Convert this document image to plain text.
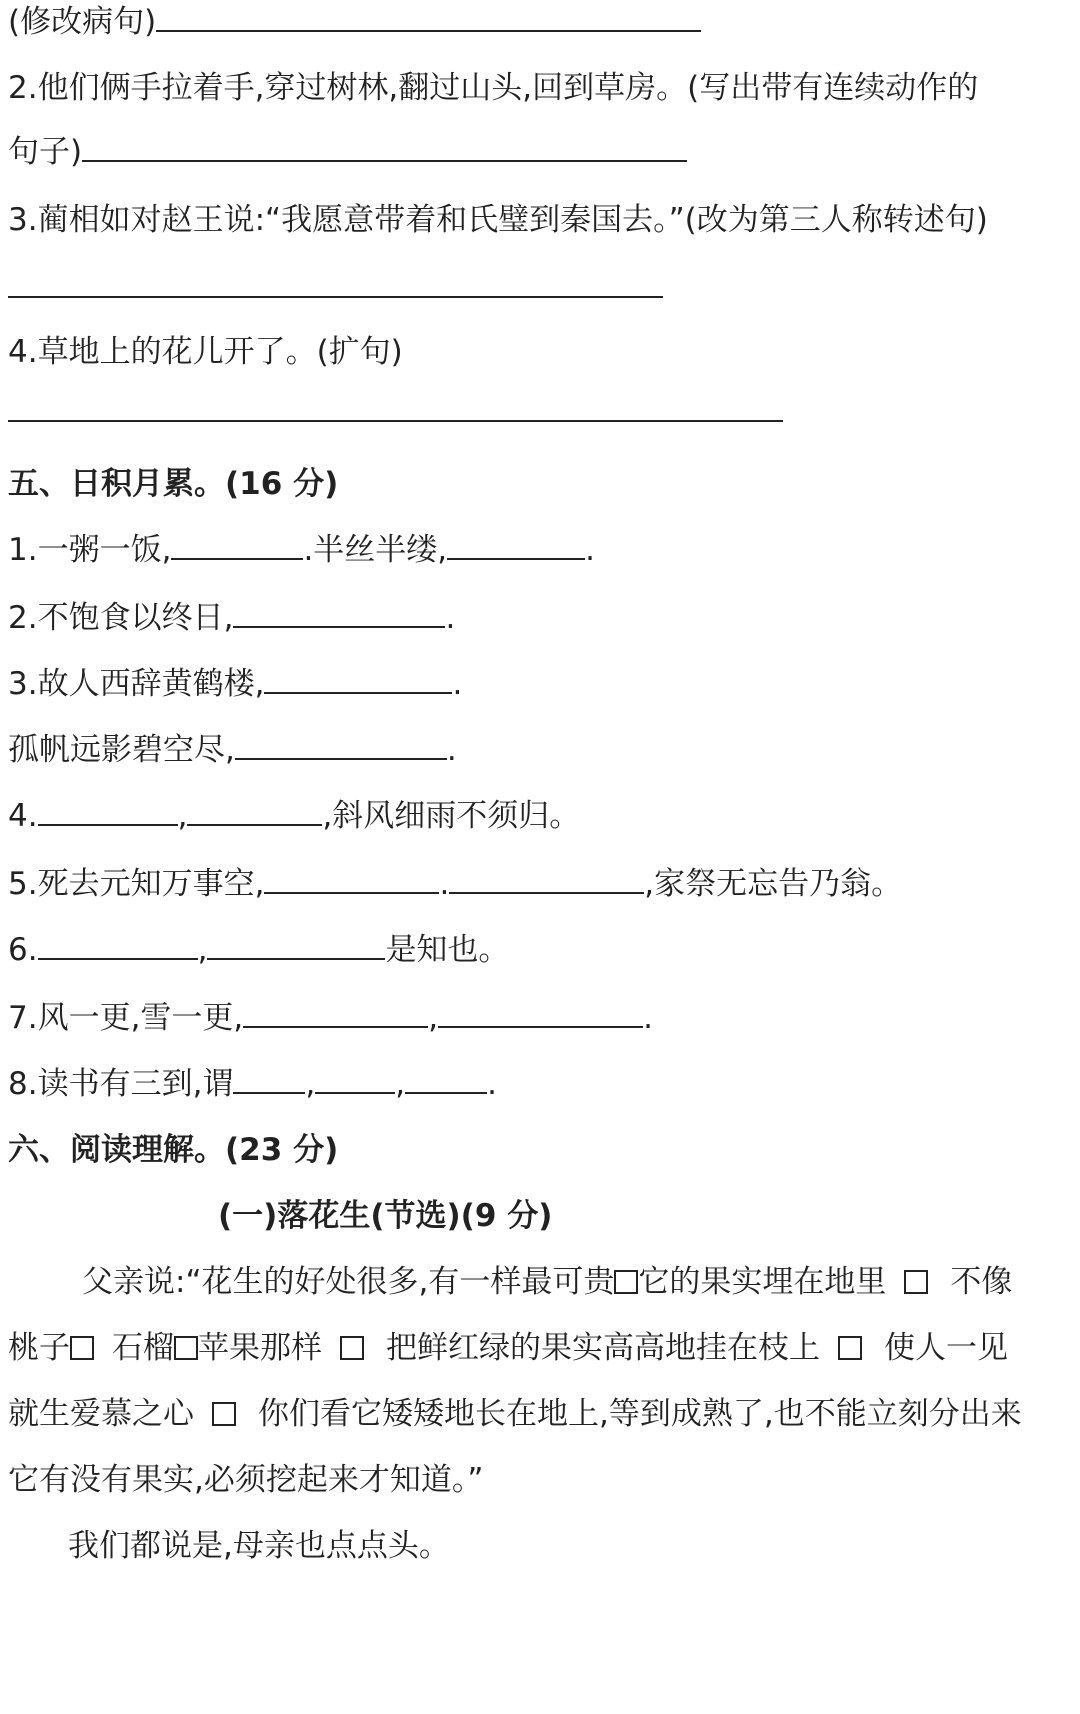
(修改病句)
2.他们俩手拉着手,穿过树林,翻过山头,回到草房。(写出带有连续动作的
句子)
3.蔺相如对赵王说:“我愿意带着和氏璧到秦国去。”(改为第三人称转述句)
4.草地上的花儿开了。(扩句)
五、日积月累。(16 分)
1.一粥一饭,	.半丝半缕,	.
2.不饱食以终日,	.
3.故人西辞黄鹤楼,	.
孤帆远影碧空尽,	.
4.	,	,斜风细雨不须归。
5.死去元知万事空,	.	,家祭无忘告乃翁。
6.	,	是知也。
7.风一更,雪一更,	,	.
8.读书有三到,谓 ,	,	.
六、阅读理解。(23 分)
(一)落花生(节选)(9 分)
父亲说:“花生的好处很多,有一样最可贵 它的果实埋在地里 不像
桃子 石榴 苹果那样 把鲜红绿的果实高高地挂在枝上 使人一见
就生爱慕之心 你们看它矮矮地长在地上,等到成熟了,也不能立刻分出来
它有没有果实,必须挖起来才知道。”
我们都说是,母亲也点点头。
